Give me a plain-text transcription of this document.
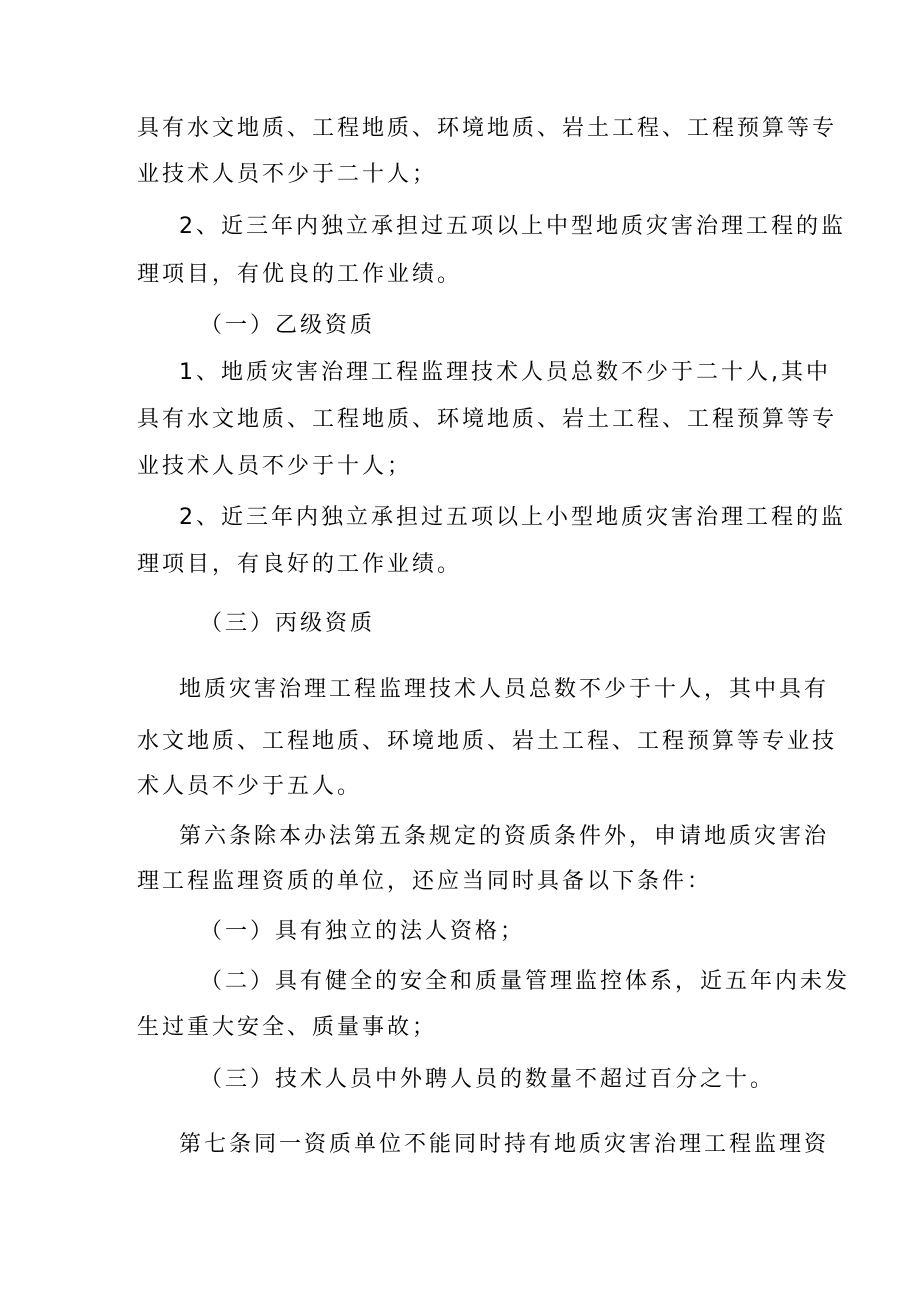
具有水文地质、工程地质、环境地质、岩土工程、工程预算等专
业技术人员不少于二十人；
2、近三年内独立承担过五项以上中型地质灾害治理工程的监
理项目，有优良的工作业绩。
（一）乙级资质
1、地质灾害治理工程监理技术人员总数不少于二十人,其中
具有水文地质、工程地质、环境地质、岩土工程、工程预算等专
业技术人员不少于十人；
2、近三年内独立承担过五项以上小型地质灾害治理工程的监
理项目，有良好的工作业绩。
（三）丙级资质
地质灾害治理工程监理技术人员总数不少于十人，其中具有
水文地质、工程地质、环境地质、岩土工程、工程预算等专业技
术人员不少于五人。
第六条除本办法第五条规定的资质条件外，申请地质灾害治
理工程监理资质的单位，还应当同时具备以下条件：
（一）具有独立的法人资格；
（二）具有健全的安全和质量管理监控体系，近五年内未发
生过重大安全、质量事故；
（三）技术人员中外聘人员的数量不超过百分之十。
第七条同一资质单位不能同时持有地质灾害治理工程监理资
